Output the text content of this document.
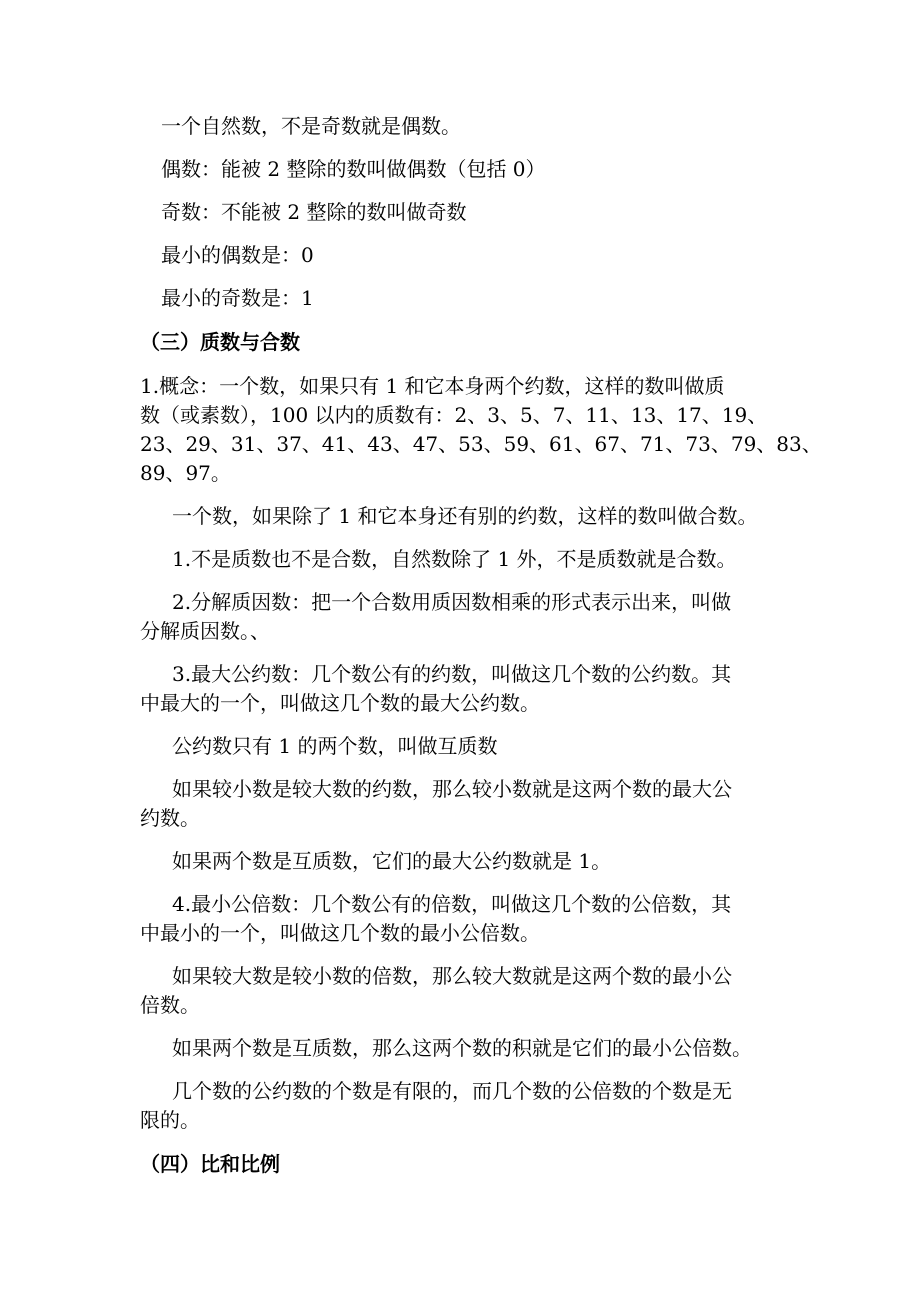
一个自然数，不是奇数就是偶数。
偶数：能被 2 整除的数叫做偶数（包括 0）
奇数：不能被 2 整除的数叫做奇数
最小的偶数是：0
最小的奇数是：1
（三）质数与合数
1.概念：一个数，如果只有 1 和它本身两个约数，这样的数叫做质
数（或素数），100 以内的质数有：2、3、5、7、11、13、17、19、
23、29、31、37、41、43、47、53、59、61、67、71、73、79、83、
89、97。
一个数，如果除了 1 和它本身还有别的约数，这样的数叫做合数。
1.不是质数也不是合数，自然数除了 1 外，不是质数就是合数。
2.分解质因数：把一个合数用质因数相乘的形式表示出来，叫做
分解质因数。、
3.最大公约数：几个数公有的约数，叫做这几个数的公约数。其
中最大的一个，叫做这几个数的最大公约数。
公约数只有 1 的两个数，叫做互质数
如果较小数是较大数的约数，那么较小数就是这两个数的最大公
约数。
如果两个数是互质数，它们的最大公约数就是 1。
4.最小公倍数：几个数公有的倍数，叫做这几个数的公倍数，其
中最小的一个，叫做这几个数的最小公倍数。
如果较大数是较小数的倍数，那么较大数就是这两个数的最小公
倍数。
如果两个数是互质数，那么这两个数的积就是它们的最小公倍数。
几个数的公约数的个数是有限的，而几个数的公倍数的个数是无
限的。
（四）比和比例
